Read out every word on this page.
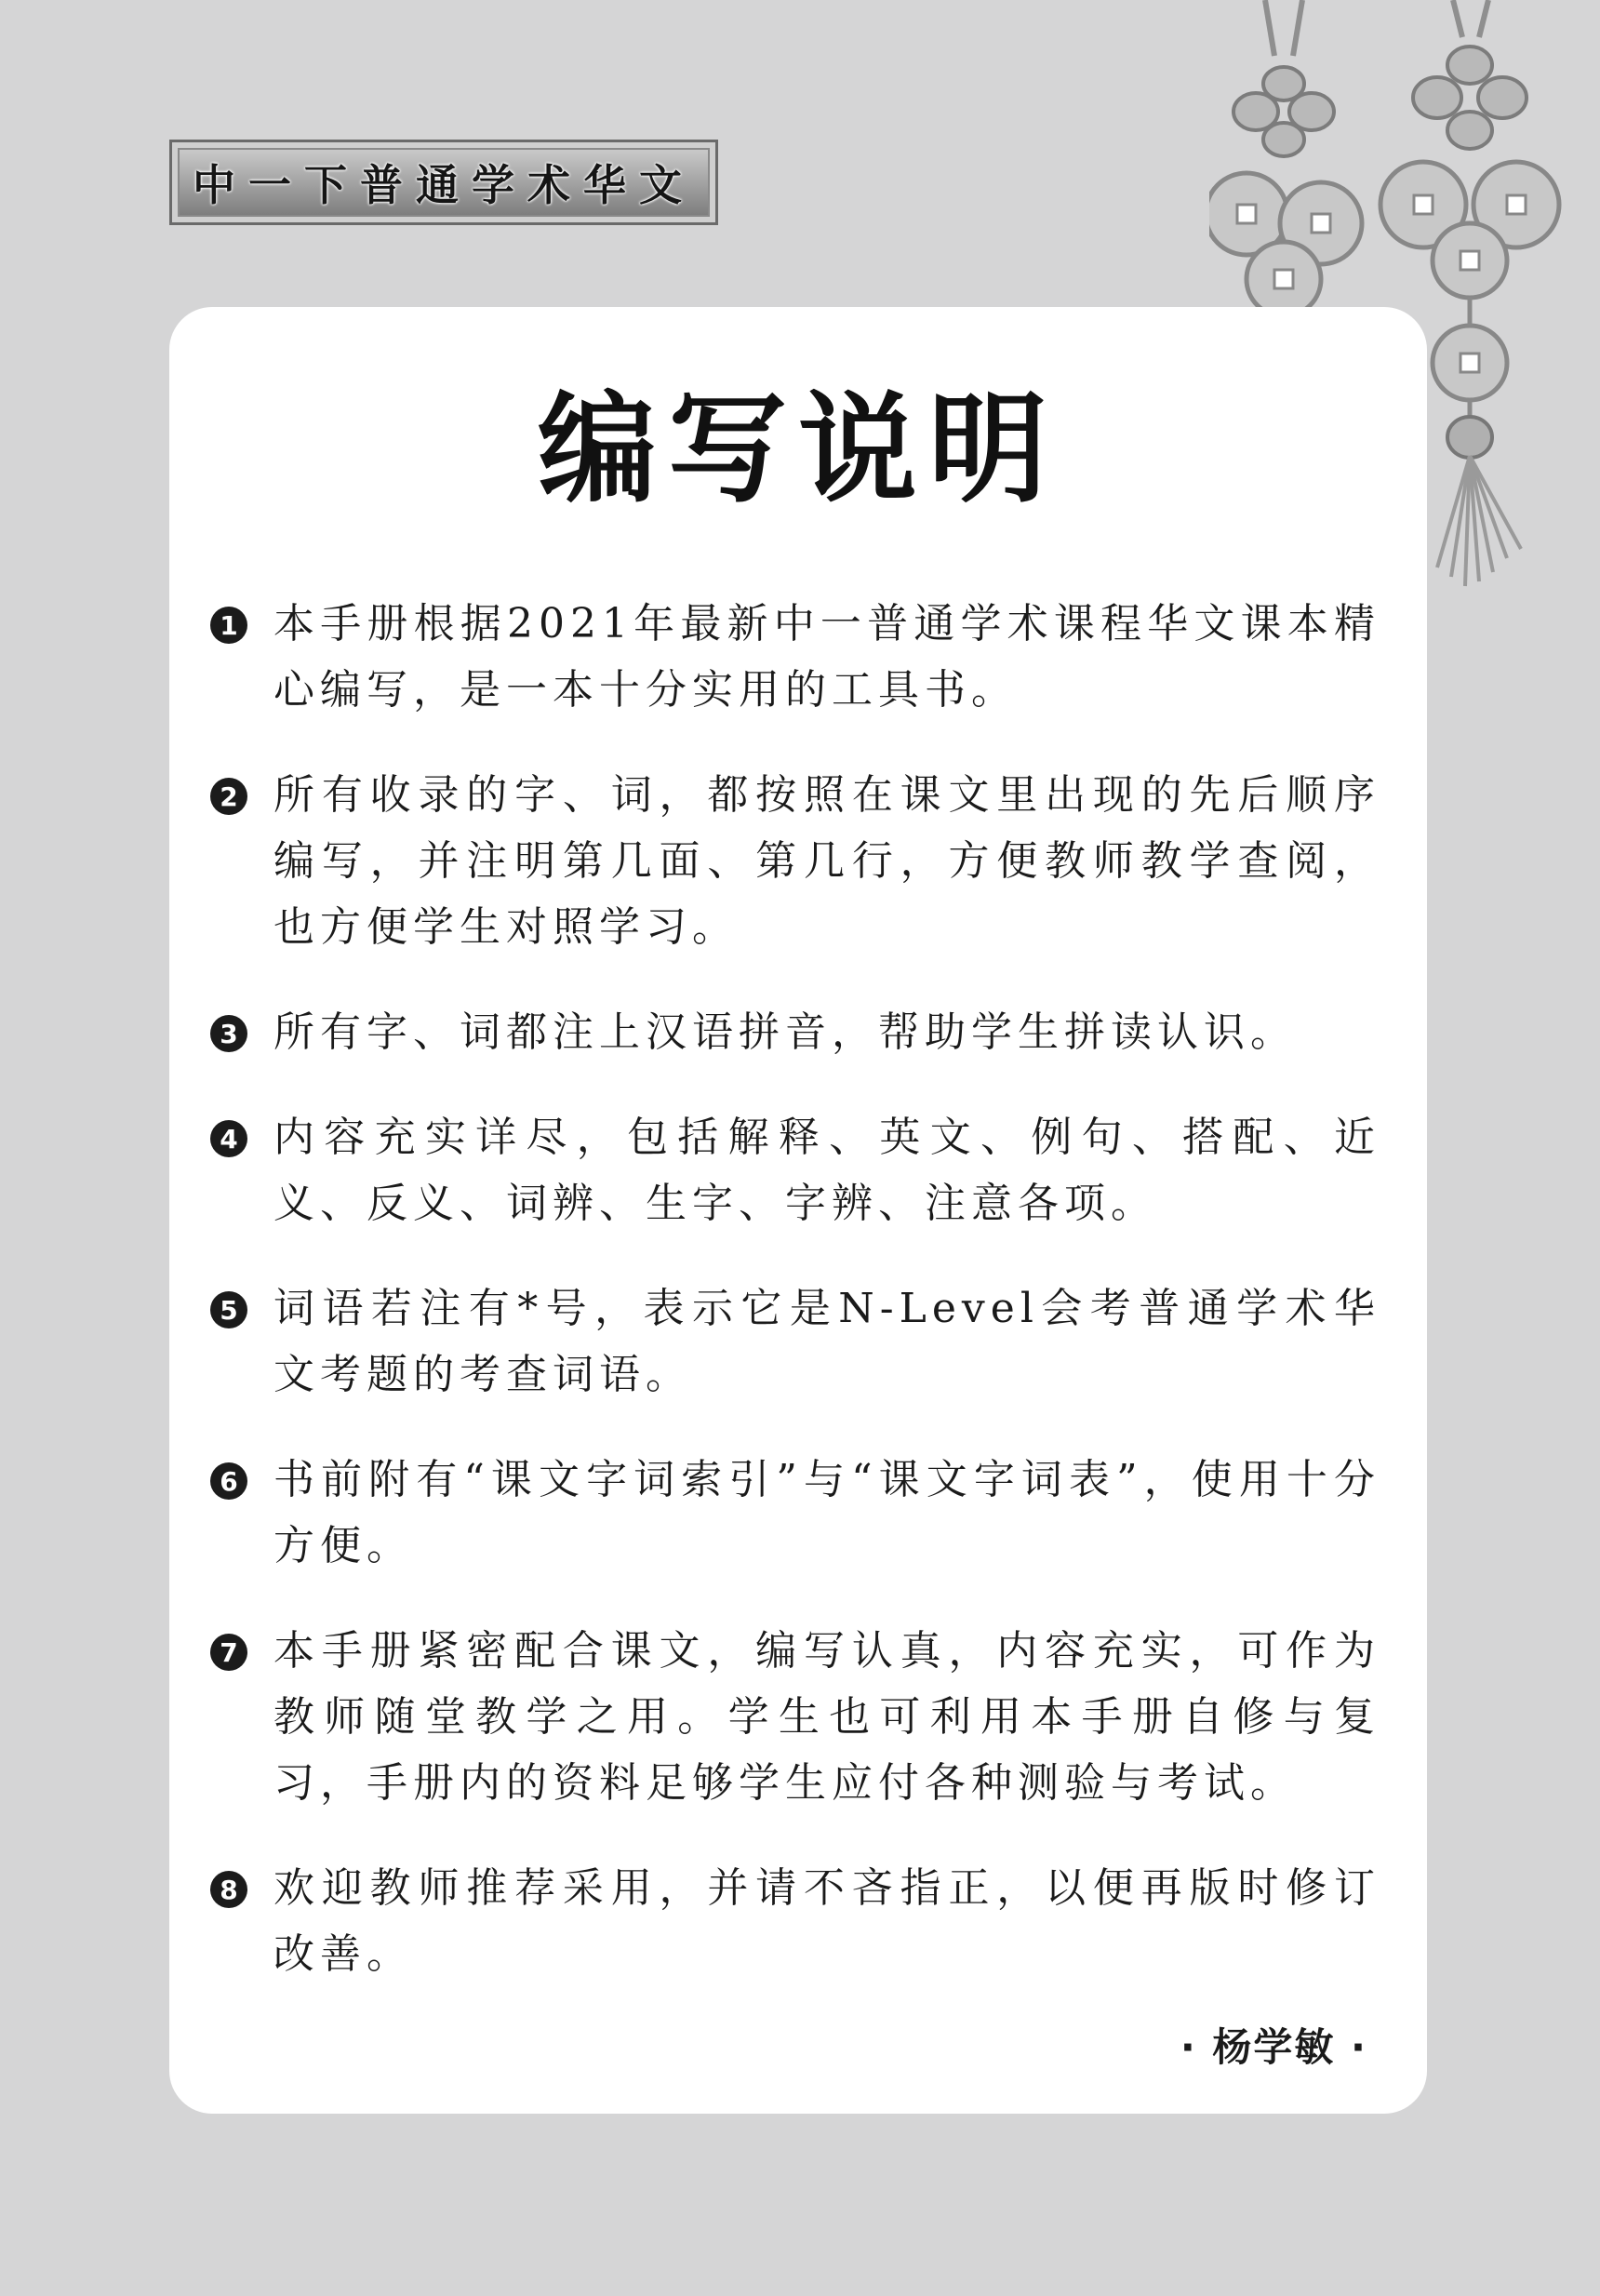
中一下普通学术华文
编写说明
1 本手册根据2021年最新中一普通学术课程华文课本精心编写，是一本十分实用的工具书。

2 所有收录的字、词，都按照在课文里出现的先后顺序编写，并注明第几面、第几行，方便教师教学查阅，也方便学生对照学习。

3 所有字、词都注上汉语拼音，帮助学生拼读认识。

4 内容充实详尽，包括解释、英文、例句、搭配、近义、反义、词辨、生字、字辨、注意各项。

5 词语若注有*号，表示它是N-Level会考普通学术华文考题的考查词语。

6 书前附有“课文字词索引”与“课文字词表”，使用十分方便。

7 本手册紧密配合课文，编写认真，内容充实，可作为教师随堂教学之用。学生也可利用本手册自修与复习，手册内的资料足够学生应付各种测验与考试。

8 欢迎教师推荐采用，并请不吝指正，以便再版时修订改善。

· 杨学敏 ·
